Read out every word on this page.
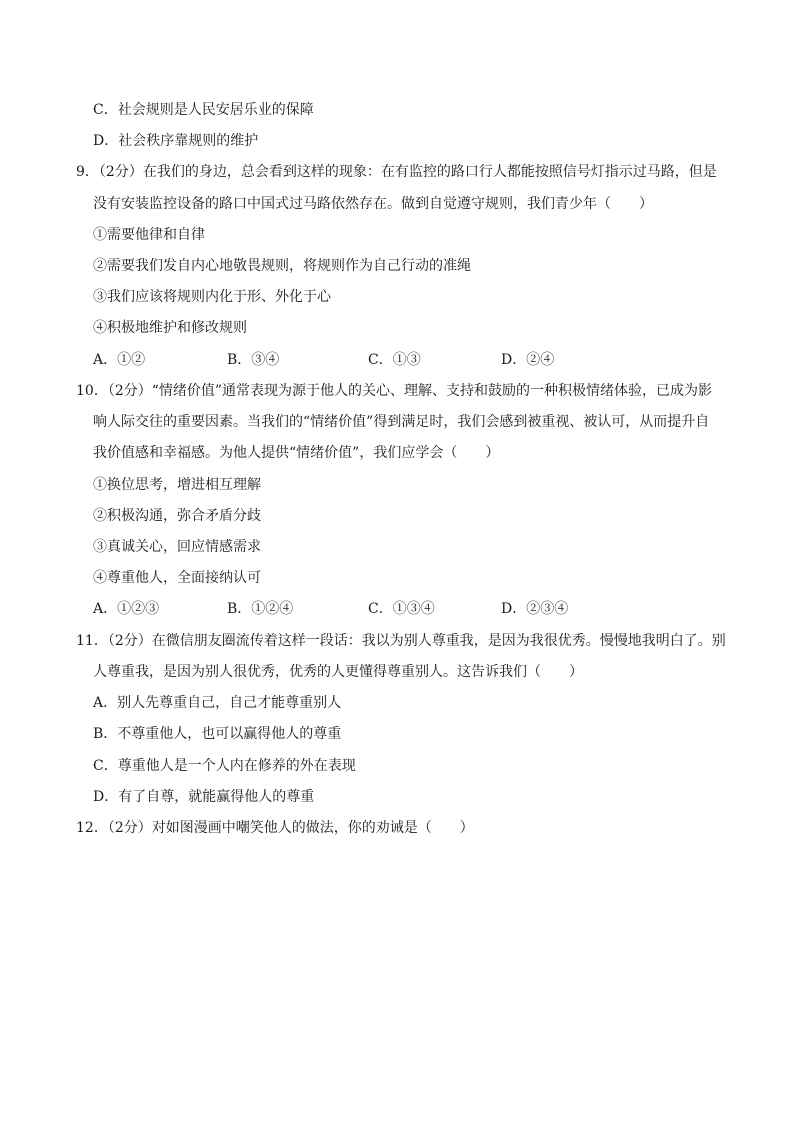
C．社会规则是人民安居乐业的保障
D．社会秩序靠规则的维护
9．（2分）在我们的身边，总会看到这样的现象：在有监控的路口行人都能按照信号灯指示过马路，但是
没有安装监控设备的路口中国式过马路依然存在。做到自觉遵守规则，我们青少年（　　）
①需要他律和自律
②需要我们发自内心地敬畏规则，将规则作为自己行动的准绳
③我们应该将规则内化于形、外化于心
④积极地维护和修改规则
A．①②	B．③④	C．①③	D．②④
10．（2分）“情绪价值”通常表现为源于他人的关心、理解、支持和鼓励的一种积极情绪体验，已成为影
响人际交往的重要因素。当我们的“情绪价值”得到满足时，我们会感到被重视、被认可，从而提升自
我价值感和幸福感。为他人提供“情绪价值”，我们应学会（　　）
①换位思考，增进相互理解
②积极沟通，弥合矛盾分歧
③真诚关心，回应情感需求
④尊重他人，全面接纳认可
A．①②③	B．①②④	C．①③④	D．②③④
11．（2分）在微信朋友圈流传着这样一段话：我以为别人尊重我，是因为我很优秀。慢慢地我明白了。别
人尊重我，是因为别人很优秀，优秀的人更懂得尊重别人。这告诉我们（　　）
A．别人先尊重自己，自己才能尊重别人
B．不尊重他人，也可以赢得他人的尊重
C．尊重他人是一个人内在修养的外在表现
D．有了自尊，就能赢得他人的尊重
12．（2分）对如图漫画中嘲笑他人的做法，你的劝诫是（　　）
